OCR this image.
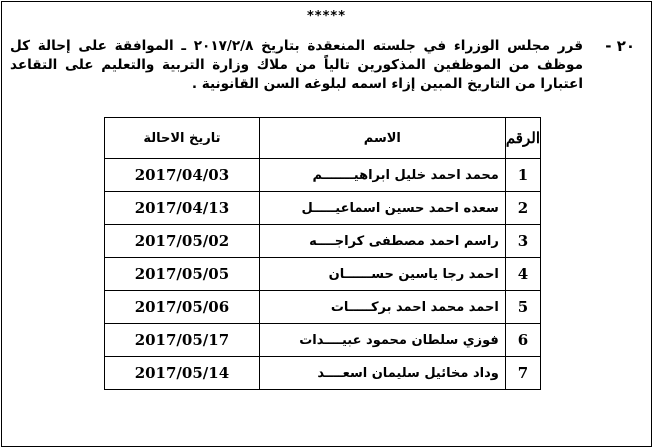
*****
٢٠ -
قرر مجلس الوزراء في جلسته المنعقدة بتاريخ ٢٠١٧/٢/٨ ـ الموافقة على إحالة كل موظف من الموظفين المذكورين تالياً من ملاك وزارة التربية والتعليم على التقاعد اعتبارا من التاريخ المبين إزاء اسمه لبلوغه السن القانونية .
الرقم	الاسم	تاريخ الاحالة
1	محمد احمد خليل ابراهيـــــــم	2017/04/03
2	سعده احمد حسين اسماعيـــــل	2017/04/13
3	راسم احمد مصطفى كراجــــه	2017/05/02
4	احمد رجا ياسين حســــــان	2017/05/05
5	احمد محمد احمد بركـــــات	2017/05/06
6	فوزي سلطان محمود عبيــــدات	2017/05/17
7	وداد مخائيل سليمان اسعــــد	2017/05/14
